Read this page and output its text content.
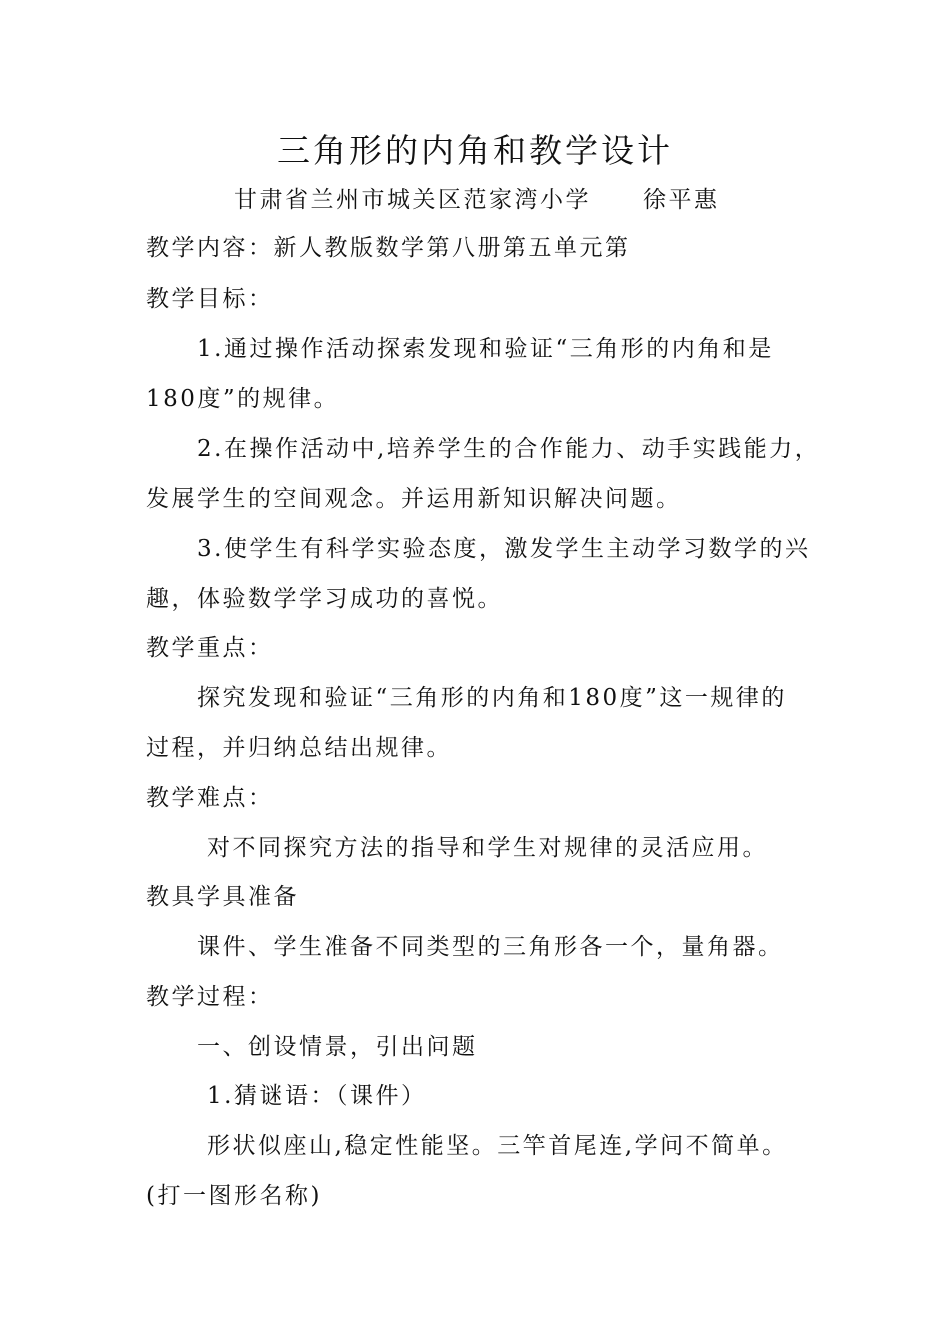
三角形的内角和教学设计
甘肃省兰州市城关区范家湾小学 徐平惠
教学内容：新人教版数学第八册第五单元第
教学目标：
1.通过操作活动探索发现和验证“三角形的内角和是
180度”的规律。
2.在操作活动中,培养学生的合作能力、动手实践能力，
发展学生的空间观念。并运用新知识解决问题。
3.使学生有科学实验态度，激发学生主动学习数学的兴
趣，体验数学学习成功的喜悦。
教学重点：
探究发现和验证“三角形的内角和180度”这一规律的
过程，并归纳总结出规律。
教学难点：
对不同探究方法的指导和学生对规律的灵活应用。
教具学具准备
课件、学生准备不同类型的三角形各一个，量角器。
教学过程：
一、创设情景，引出问题
1.猜谜语：（课件）
形状似座山,稳定性能坚。三竿首尾连,学问不简单。
(打一图形名称)
